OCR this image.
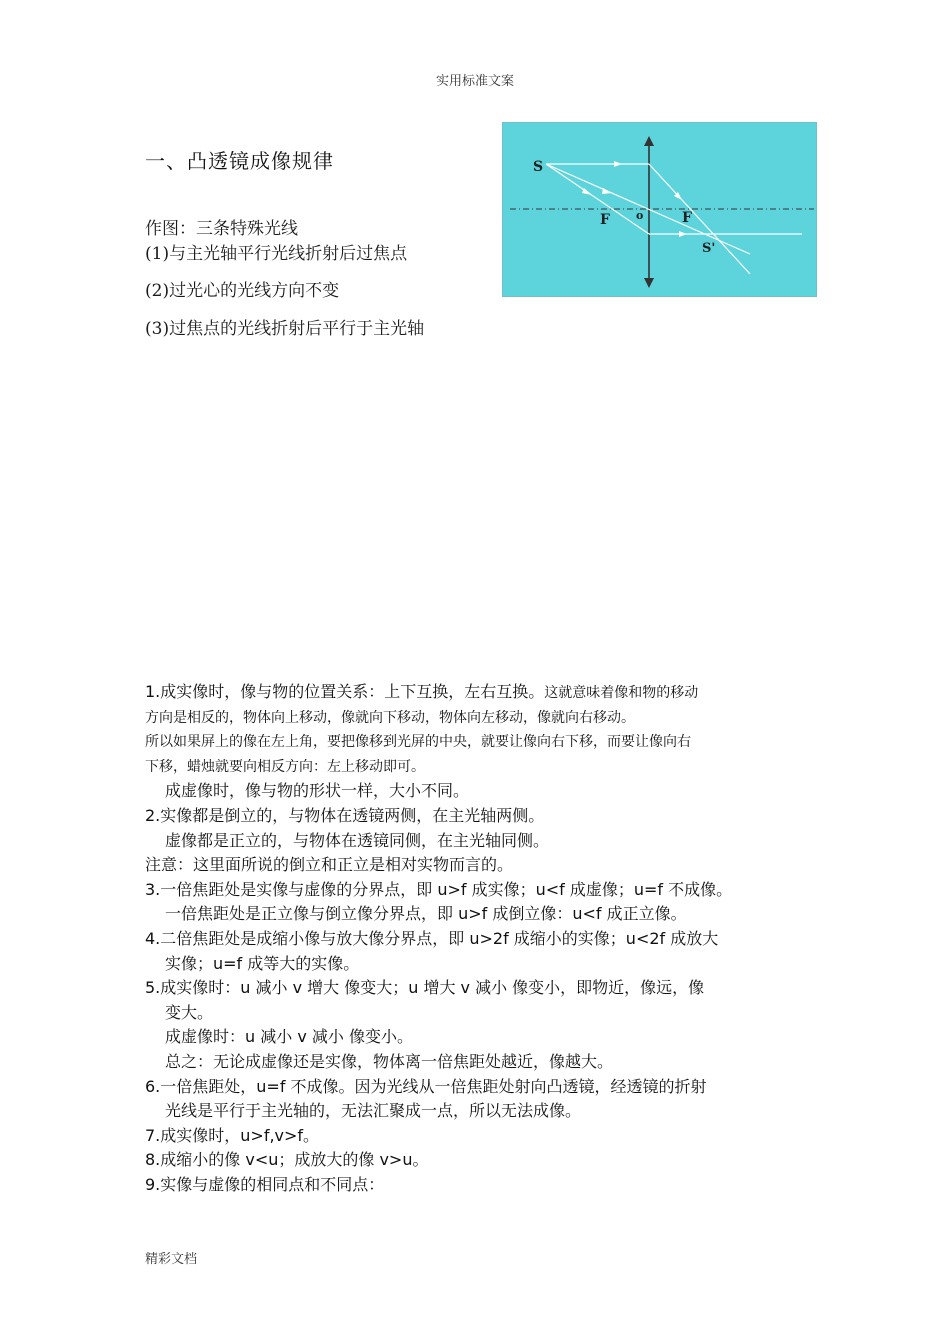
实用标准文案
一、凸透镜成像规律
作图：三条特殊光线
(1)与主光轴平行光线折射后过焦点
(2)过光心的光线方向不变
(3)过焦点的光线折射后平行于主光轴
S
F o	F
S'

1.成实像时，像与物的位置关系：上下互换，左右互换。这就意味着像和物的移动

方向是相反的，物体向上移动，像就向下移动，物体向左移动，像就向右移动。

所以如果屏上的像在左上角，要把像移到光屏的中央，就要让像向右下移，而要让像向右

下移，蜡烛就要向相反方向：左上移动即可。

成虚像时，像与物的形状一样，大小不同。

2.实像都是倒立的，与物体在透镜两侧，在主光轴两侧。

虚像都是正立的，与物体在透镜同侧，在主光轴同侧。

注意：这里面所说的倒立和正立是相对实物而言的。

3.一倍焦距处是实像与虚像的分界点，即 u>f 成实像；u<f 成虚像；u=f 不成像。

一倍焦距处是正立像与倒立像分界点，即 u>f 成倒立像：u<f 成正立像。

4.二倍焦距处是成缩小像与放大像分界点，即 u>2f 成缩小的实像；u<2f 成放大

实像；u=f 成等大的实像。

5.成实像时：u 减小 v 增大 像变大；u 增大 v 减小 像变小，即物近，像远，像

变大。

成虚像时：u 减小 v 减小 像变小。

总之：无论成虚像还是实像，物体离一倍焦距处越近，像越大。

6.一倍焦距处，u=f 不成像。因为光线从一倍焦距处射向凸透镜，经透镜的折射

光线是平行于主光轴的，无法汇聚成一点，所以无法成像。

7.成实像时，u>f,v>f。

8.成缩小的像 v<u；成放大的像 v>u。

9.实像与虚像的相同点和不同点：

精彩文档
